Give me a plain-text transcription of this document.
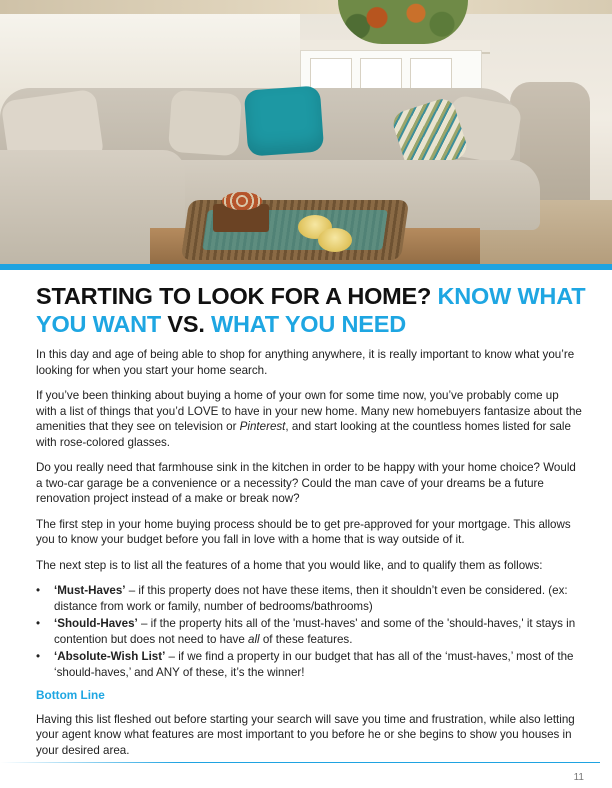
STARTING TO LOOK FOR A HOME? KNOW WHAT YOU WANT VS. WHAT YOU NEED

In this day and age of being able to shop for anything anywhere, it is really important to know what you’re looking for when you start your home search.

If you’ve been thinking about buying a home of your own for some time now, you’ve probably come up with a list of things that you’d LOVE to have in your new home. Many new homebuyers fantasize about the amenities that they see on television or Pinterest, and start looking at the countless homes listed for sale with rose-colored glasses.

Do you really need that farmhouse sink in the kitchen in order to be happy with your home choice? Would a two-car garage be a convenience or a necessity? Could the man cave of your dreams be a future renovation project instead of a make or break now?

The first step in your home buying process should be to get pre-approved for your mortgage. This allows you to know your budget before you fall in love with a home that is way outside of it.

The next step is to list all the features of a home that you would like, and to qualify them as follows:

• ‘Must-Haves’ – if this property does not have these items, then it shouldn’t even be considered. (ex: distance from work or family, number of bedrooms/bathrooms)
• ‘Should-Haves’ – if the property hits all of the 'must-haves' and some of the 'should-haves,' it stays in contention but does not need to have all of these features.
• ‘Absolute-Wish List’ – if we find a property in our budget that has all of the ‘must-haves,’ most of the ‘should-haves,’ and ANY of these, it’s the winner!
Bottom Line

Having this list fleshed out before starting your search will save you time and frustration, while also letting your agent know what features are most important to you before he or she begins to show you houses in your desired area.

11
